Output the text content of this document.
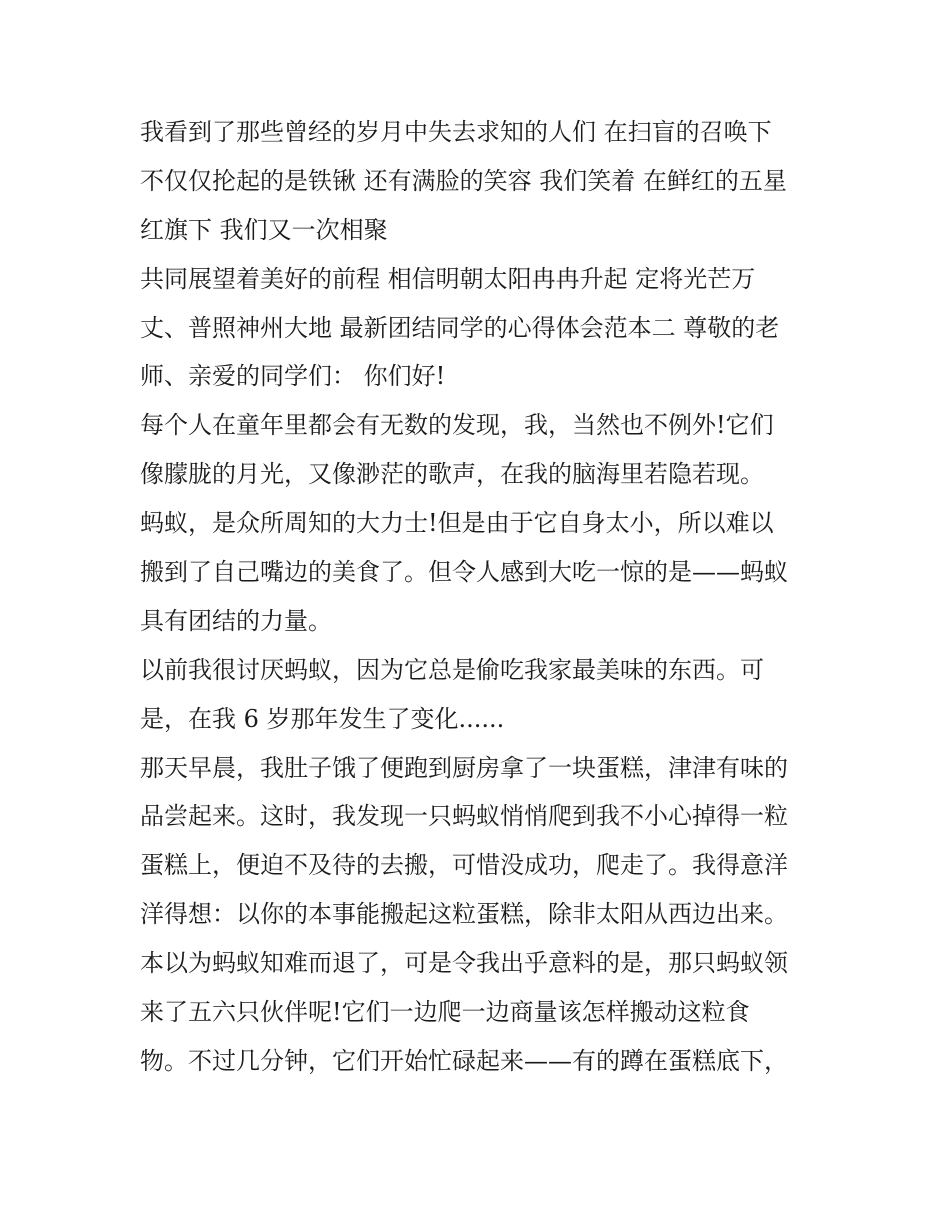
我看到了那些曾经的岁月中失去求知的人们 在扫盲的召唤下
不仅仅抡起的是铁锹 还有满脸的笑容 我们笑着 在鲜红的五星
红旗下 我们又一次相聚
共同展望着美好的前程 相信明朝太阳冉冉升起 定将光芒万
丈、普照神州大地 最新团结同学的心得体会范本二 尊敬的老
师、亲爱的同学们： 你们好!
每个人在童年里都会有无数的发现，我，当然也不例外!它们
像朦胧的月光，又像渺茫的歌声，在我的脑海里若隐若现。
蚂蚁，是众所周知的大力士!但是由于它自身太小，所以难以
搬到了自己嘴边的美食了。但令人感到大吃一惊的是——蚂蚁
具有团结的力量。
以前我很讨厌蚂蚁，因为它总是偷吃我家最美味的东西。可
是，在我 6 岁那年发生了变化......
那天早晨，我肚子饿了便跑到厨房拿了一块蛋糕，津津有味的
品尝起来。这时，我发现一只蚂蚁悄悄爬到我不小心掉得一粒
蛋糕上，便迫不及待的去搬，可惜没成功，爬走了。我得意洋
洋得想：以你的本事能搬起这粒蛋糕，除非太阳从西边出来。
本以为蚂蚁知难而退了，可是令我出乎意料的是，那只蚂蚁领
来了五六只伙伴呢!它们一边爬一边商量该怎样搬动这粒食
物。不过几分钟，它们开始忙碌起来——有的蹲在蛋糕底下，
